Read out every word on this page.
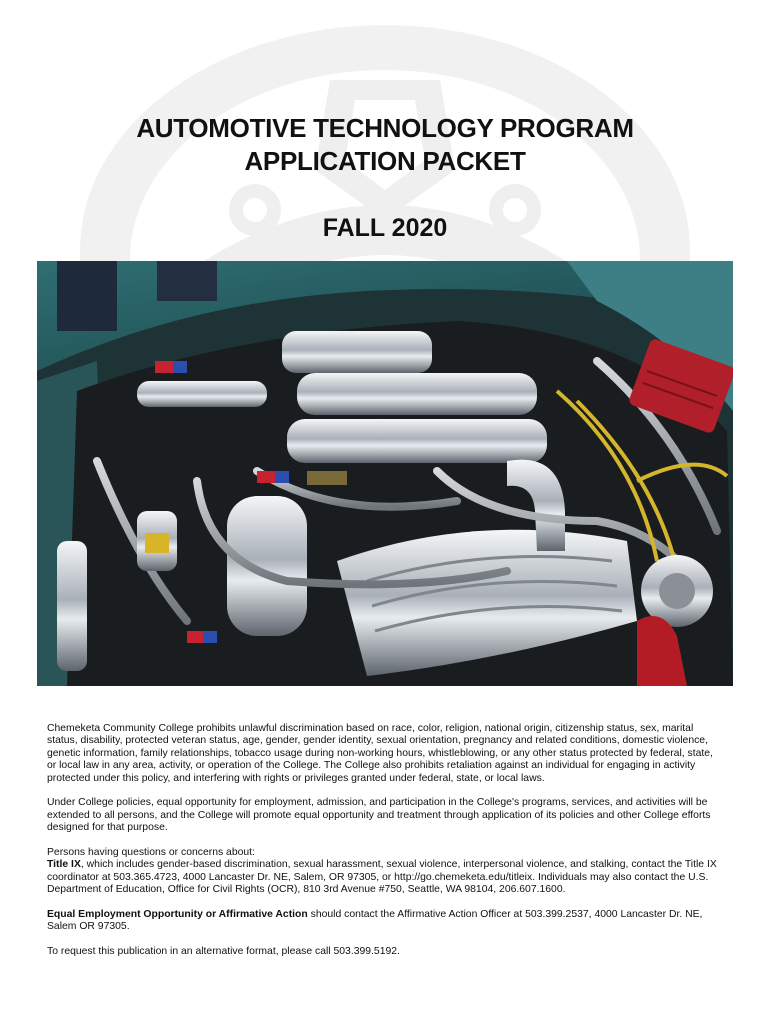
AUTOMOTIVE TECHNOLOGY PROGRAM
APPLICATION PACKET
FALL 2020

Chemeketa Community College prohibits unlawful discrimination based on race, color, religion, national origin, citizenship status, sex, marital status, disability, protected veteran status, age, gender, gender identity, sexual orientation, pregnancy and related conditions, domestic violence, genetic information, family relationships, tobacco usage during non-working hours, whistleblowing, or any other status protected by federal, state, or local law in any area, activity, or operation of the College. The College also prohibits retaliation against an individual for engaging in activity protected under this policy, and interfering with rights or privileges granted under federal, state, or local laws.

Under College policies, equal opportunity for employment, admission, and participation in the College's programs, services, and activities will be extended to all persons, and the College will promote equal opportunity and treatment through application of its policies and other College efforts designed for that purpose.

Persons having questions or concerns about:
Title IX, which includes gender-based discrimination, sexual harassment, sexual violence, interpersonal violence, and stalking, contact the Title IX coordinator at 503.365.4723, 4000 Lancaster Dr. NE, Salem, OR 97305, or http://go.chemeketa.edu/titleix. Individuals may also contact the U.S. Department of Education, Office for Civil Rights (OCR), 810 3rd Avenue #750, Seattle, WA 98104, 206.607.1600.

Equal Employment Opportunity or Affirmative Action should contact the Affirmative Action Officer at 503.399.2537, 4000 Lancaster Dr. NE, Salem OR 97305.

To request this publication in an alternative format, please call 503.399.5192.
